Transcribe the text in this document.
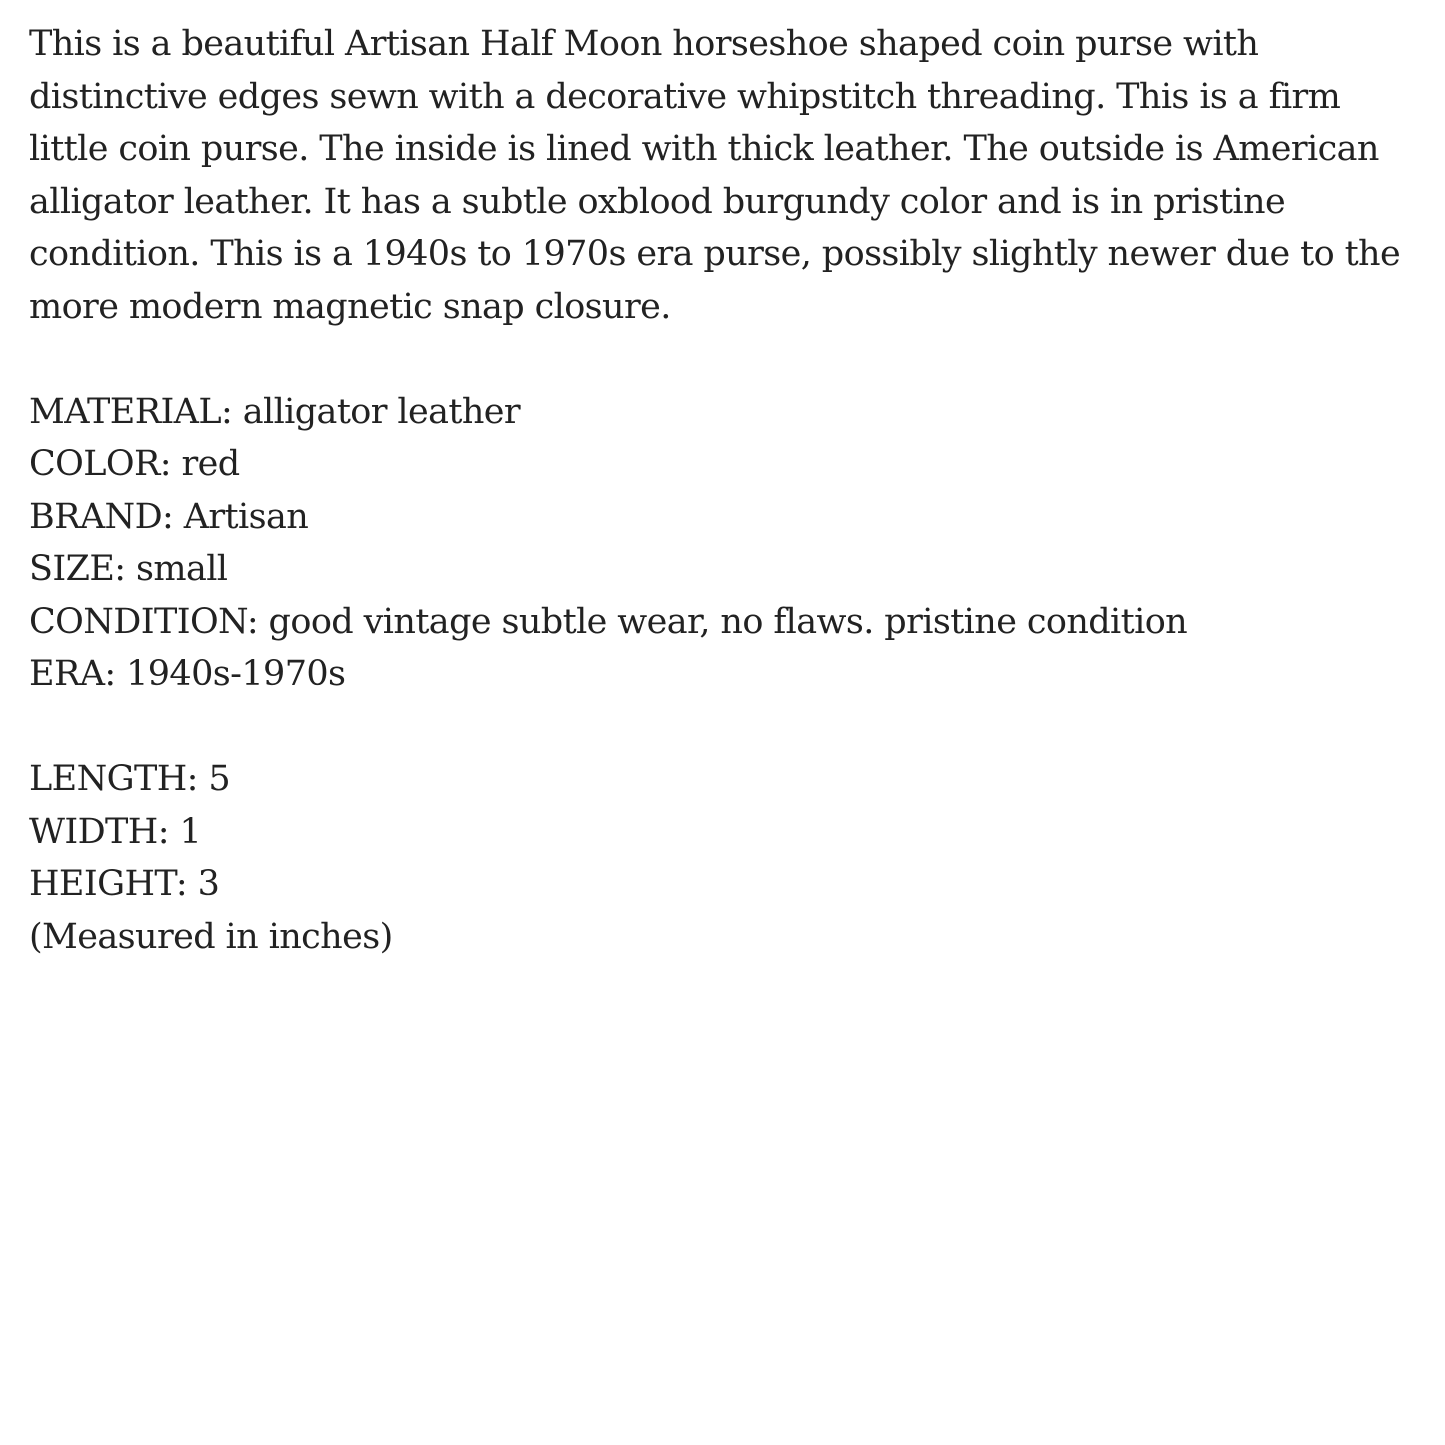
This is a beautiful Artisan Half Moon horseshoe shaped coin purse with distinctive edges sewn with a decorative whipstitch threading. This is a firm little coin purse. The inside is lined with thick leather. The outside is American alligator leather. It has a subtle oxblood burgundy color and is in pristine condition. This is a 1940s to 1970s era purse, possibly slightly newer due to the more modern magnetic snap closure.

MATERIAL: alligator leather
COLOR: red
BRAND: Artisan
SIZE: small
CONDITION: good vintage subtle wear, no flaws. pristine condition
ERA: 1940s-1970s
LENGTH: 5
WIDTH: 1
HEIGHT: 3
(Measured in inches)
